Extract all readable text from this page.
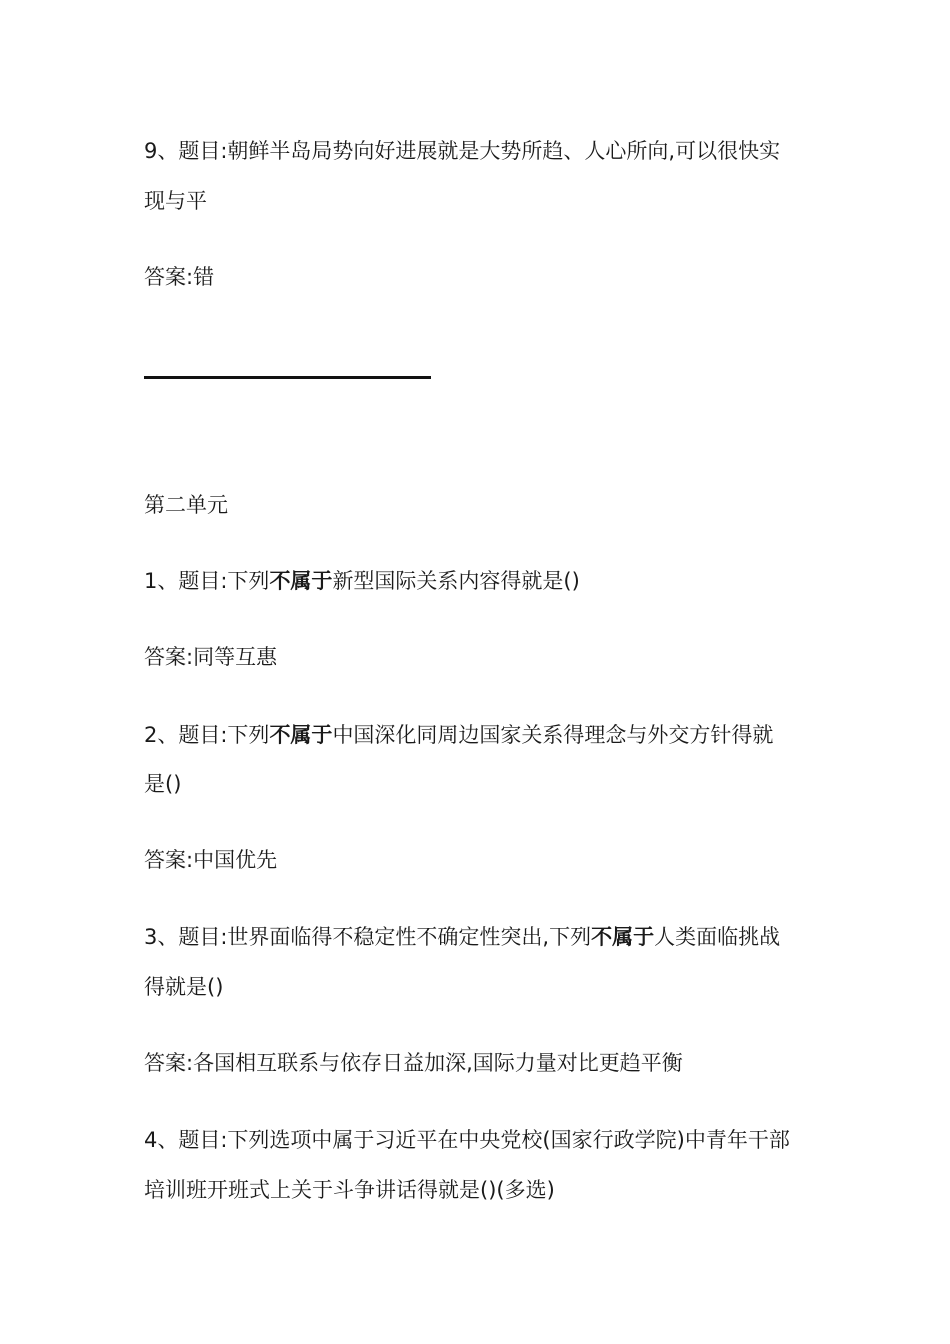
9、题目:朝鲜半岛局势向好进展就是大势所趋、人心所向,可以很快实

现与平

答案:错

第二单元

1、题目:下列不属于新型国际关系内容得就是()

答案:同等互惠

2、题目:下列不属于中国深化同周边国家关系得理念与外交方针得就

是()

答案:中国优先

3、题目:世界面临得不稳定性不确定性突出,下列不属于人类面临挑战

得就是()

答案:各国相互联系与依存日益加深,国际力量对比更趋平衡

4、题目:下列选项中属于习近平在中央党校(国家行政学院)中青年干部

培训班开班式上关于斗争讲话得就是()(多选)
